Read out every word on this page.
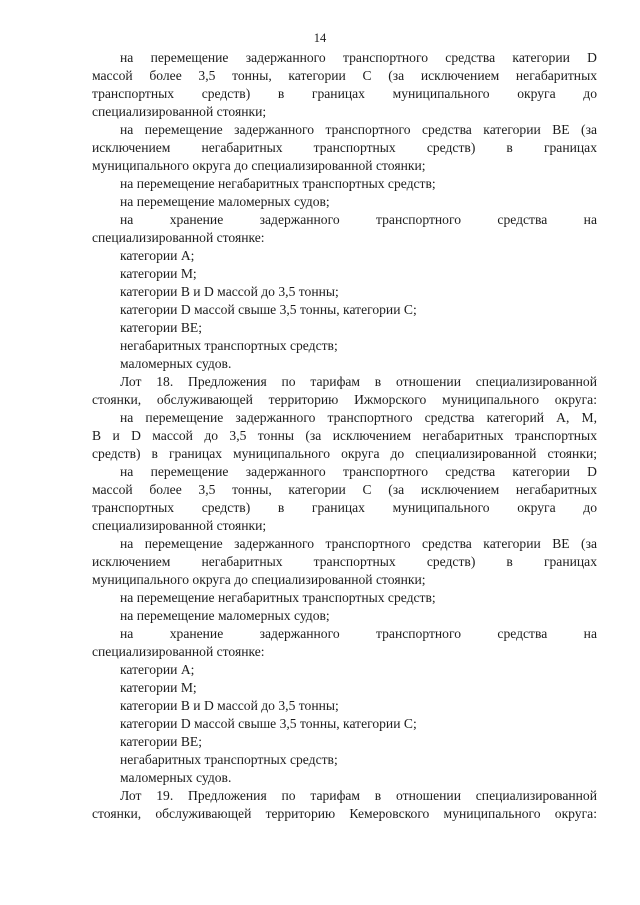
14
на перемещение задержанного транспортного средства категории D
массой более 3,5 тонны, категории C (за исключением негабаритных
транспортных средств) в границах муниципального округа до
специализированной стоянки;
на перемещение задержанного транспортного средства категории BE (за
исключением негабаритных транспортных средств) в границах
муниципального округа до специализированной стоянки;
на перемещение негабаритных транспортных средств;
на перемещение маломерных судов;
на хранение задержанного транспортного средства на
специализированной стоянке:
категории A;
категории M;
категории B и D массой до 3,5 тонны;
категории D массой свыше 3,5 тонны, категории C;
категории BE;
негабаритных транспортных средств;
маломерных судов.
Лот 18. Предложения по тарифам в отношении специализированной
стоянки, обслуживающей территорию Ижморского муниципального округа:
на перемещение задержанного транспортного средства категорий A, M,
B и D массой до 3,5 тонны (за исключением негабаритных транспортных
средств) в границах муниципального округа до специализированной стоянки;
на перемещение задержанного транспортного средства категории D
массой более 3,5 тонны, категории C (за исключением негабаритных
транспортных средств) в границах муниципального округа до
специализированной стоянки;
на перемещение задержанного транспортного средства категории BE (за
исключением негабаритных транспортных средств) в границах
муниципального округа до специализированной стоянки;
на перемещение негабаритных транспортных средств;
на перемещение маломерных судов;
на хранение задержанного транспортного средства на
специализированной стоянке:
категории A;
категории M;
категории B и D массой до 3,5 тонны;
категории D массой свыше 3,5 тонны, категории C;
категории BE;
негабаритных транспортных средств;
маломерных судов.
Лот 19. Предложения по тарифам в отношении специализированной
стоянки, обслуживающей территорию Кемеровского муниципального округа:
